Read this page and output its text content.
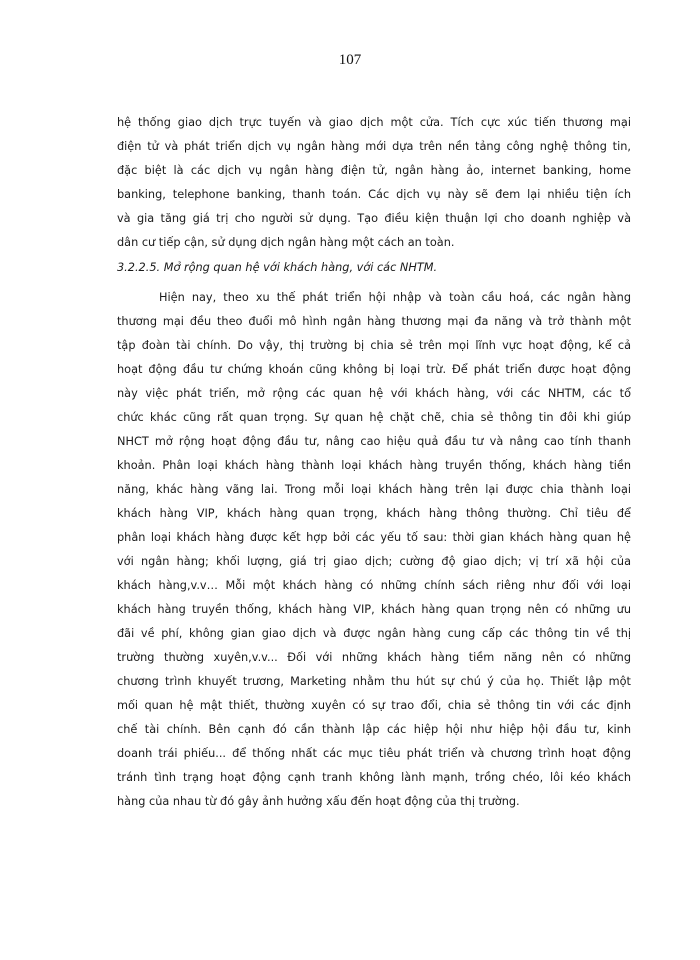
107
hệ thống giao dịch trực tuyến và giao dịch một cửa. Tích cực xúc tiến thương mại
điện tử và phát triển dịch vụ ngân hàng mới dựa trên nền tảng công nghệ thông tin,
đặc biệt là các dịch vụ ngân hàng điện tử, ngân hàng ảo, internet banking, home
banking, telephone banking, thanh toán. Các dịch vụ này sẽ đem lại nhiều tiện ích
và gia tăng giá trị cho người sử dụng. Tạo điều kiện thuận lợi cho doanh nghiệp và
dân cư tiếp cận, sử dụng dịch ngân hàng một cách an toàn.
3.2.2.5. Mở rộng quan hệ với khách hàng, với các NHTM.
Hiện nay, theo xu thế phát triển hội nhập và toàn cầu hoá, các ngân hàng
thương mại đều theo đuổi mô hình ngân hàng thương mại đa năng và trở thành một
tập đoàn tài chính. Do vậy, thị trường bị chia sẻ trên mọi lĩnh vực hoạt động, kể cả
hoạt động đầu tư chứng khoán cũng không bị loại trừ. Để phát triển được hoạt động
này việc phát triển, mở rộng các quan hệ với khách hàng, với các NHTM, các tổ
chức khác cũng rất quan trọng. Sự quan hệ chặt chẽ, chia sẻ thông tin đôi khi giúp
NHCT mở rộng hoạt động đầu tư, nâng cao hiệu quả đầu tư và nâng cao tính thanh
khoản. Phân loại khách hàng thành loại khách hàng truyền thống, khách hàng tiền
năng, khác hàng vãng lai. Trong mỗi loại khách hàng trên lại được chia thành loại
khách hàng VIP, khách hàng quan trọng, khách hàng thông thường. Chỉ tiêu để
phân loại khách hàng được kết hợp bởi các yếu tố sau: thời gian khách hàng quan hệ
với ngân hàng; khối lượng, giá trị giao dịch; cường độ giao dịch; vị trí xã hội của
khách hàng,v.v… Mỗi một khách hàng có những chính sách riêng như đối với loại
khách hàng truyền thống, khách hàng VIP, khách hàng quan trọng nên có những ưu
đãi về phí, không gian giao dịch và được ngân hàng cung cấp các thông tin về thị
trường thường xuyên,v.v... Đối với những khách hàng tiềm năng nên có những
chương trình khuyết trương, Marketing nhằm thu hút sự chú ý của họ. Thiết lập một
mối quan hệ mật thiết, thường xuyên có sự trao đổi, chia sẻ thông tin với các định
chế tài chính. Bên cạnh đó cần thành lập các hiệp hội như hiệp hội đầu tư, kinh
doanh trái phiếu... để thống nhất các mục tiêu phát triển và chương trình hoạt động
tránh tình trạng hoạt động cạnh tranh không lành mạnh, trồng chéo, lôi kéo khách
hàng của nhau từ đó gây ảnh hưởng xấu đến hoạt động của thị trường.
